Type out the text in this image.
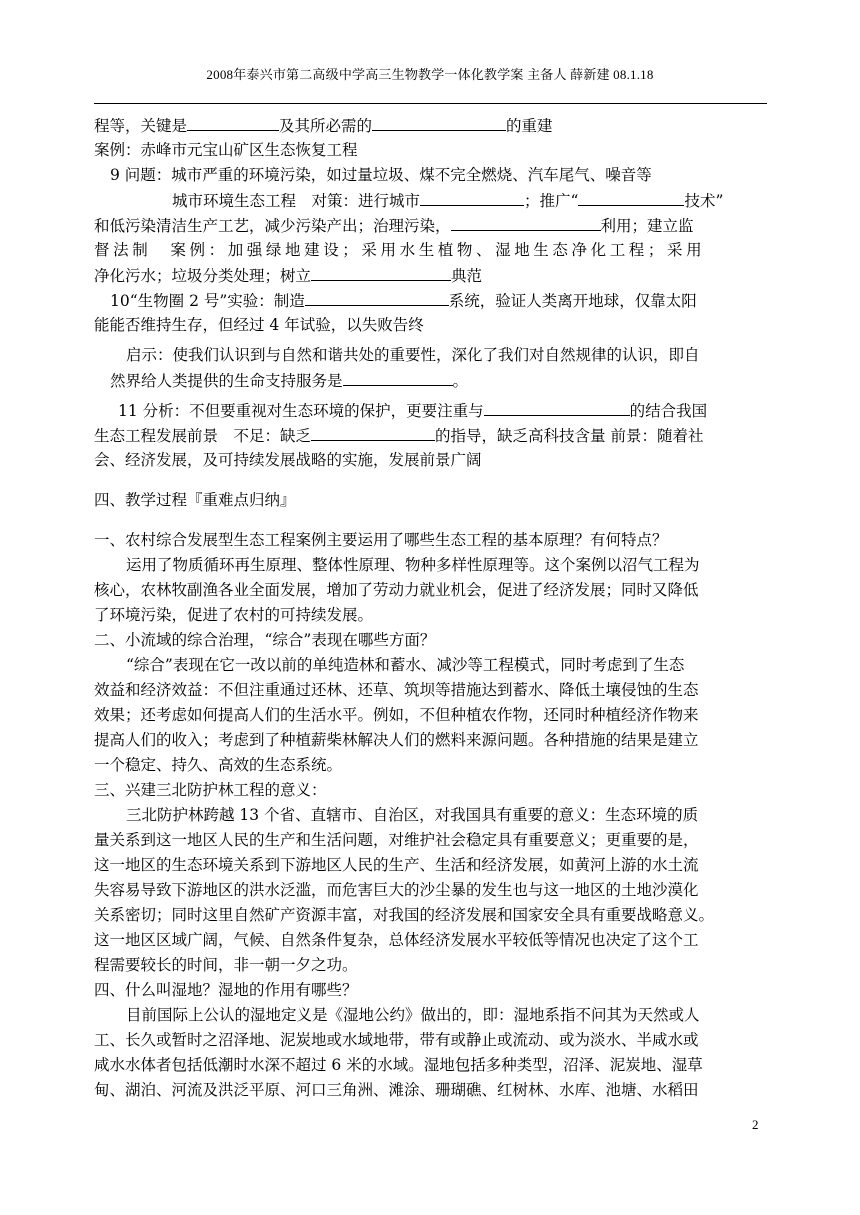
2008年泰兴市第二高级中学高三生物教学一体化教学案 主备人 薛新建 08.1.18
程等，关键是	及其所必需的	的重建
案例：赤峰市元宝山矿区生态恢复工程
9 问题：城市严重的环境污染，如过量垃圾、煤不完全燃烧、汽车尾气、噪音等
城市环境生态工程　对策：进行城市	；推广“	技术”
和低污染清洁生产工艺，减少污染产出；治理污染，	利用；建立监
督法制　案例：加强绿地建设；采用水生植物、湿地生态净化工程；采用
净化污水；垃圾分类处理；树立	典范
10“生物圈 2 号”实验：制造	系统，验证人类离开地球，仅靠太阳
能能否维持生存，但经过 4 年试验，以失败告终
启示：使我们认识到与自然和谐共处的重要性，深化了我们对自然规律的认识，即自
然界给人类提供的生命支持服务是	。
11 分析：不但要重视对生态环境的保护，更要注重与	的结合我国
生态工程发展前景　不足：缺乏	的指导，缺乏高科技含量 前景：随着社
会、经济发展，及可持续发展战略的实施，发展前景广阔
四、教学过程『重难点归纳』
一、农村综合发展型生态工程案例主要运用了哪些生态工程的基本原理？有何特点？
运用了物质循环再生原理、整体性原理、物种多样性原理等。这个案例以沼气工程为
核心，农林牧副渔各业全面发展，增加了劳动力就业机会，促进了经济发展；同时又降低
了环境污染，促进了农村的可持续发展。
二、小流域的综合治理，“综合”表现在哪些方面？
“综合”表现在它一改以前的单纯造林和蓄水、减沙等工程模式，同时考虑到了生态
效益和经济效益：不但注重通过还林、还草、筑坝等措施达到蓄水、降低土壤侵蚀的生态
效果；还考虑如何提高人们的生活水平。例如，不但种植农作物，还同时种植经济作物来
提高人们的收入；考虑到了种植薪柴林解决人们的燃料来源问题。各种措施的结果是建立
一个稳定、持久、高效的生态系统。
三、兴建三北防护林工程的意义：
三北防护林跨越 13 个省、直辖市、自治区，对我国具有重要的意义：生态环境的质
量关系到这一地区人民的生产和生活问题，对维护社会稳定具有重要意义；更重要的是，
这一地区的生态环境关系到下游地区人民的生产、生活和经济发展，如黄河上游的水土流
失容易导致下游地区的洪水泛滥，而危害巨大的沙尘暴的发生也与这一地区的土地沙漠化
关系密切；同时这里自然矿产资源丰富，对我国的经济发展和国家安全具有重要战略意义。
这一地区区域广阔，气候、自然条件复杂，总体经济发展水平较低等情况也决定了这个工
程需要较长的时间，非一朝一夕之功。
四、什么叫湿地？湿地的作用有哪些？
目前国际上公认的湿地定义是《湿地公约》做出的，即：湿地系指不问其为天然或人
工、长久或暂时之沼泽地、泥炭地或水域地带，带有或静止或流动、或为淡水、半咸水或
咸水水体者包括低潮时水深不超过 6 米的水域。湿地包括多种类型，沼泽、泥炭地、湿草
甸、湖泊、河流及洪泛平原、河口三角洲、滩涂、珊瑚礁、红树林、水库、池塘、水稻田
2
